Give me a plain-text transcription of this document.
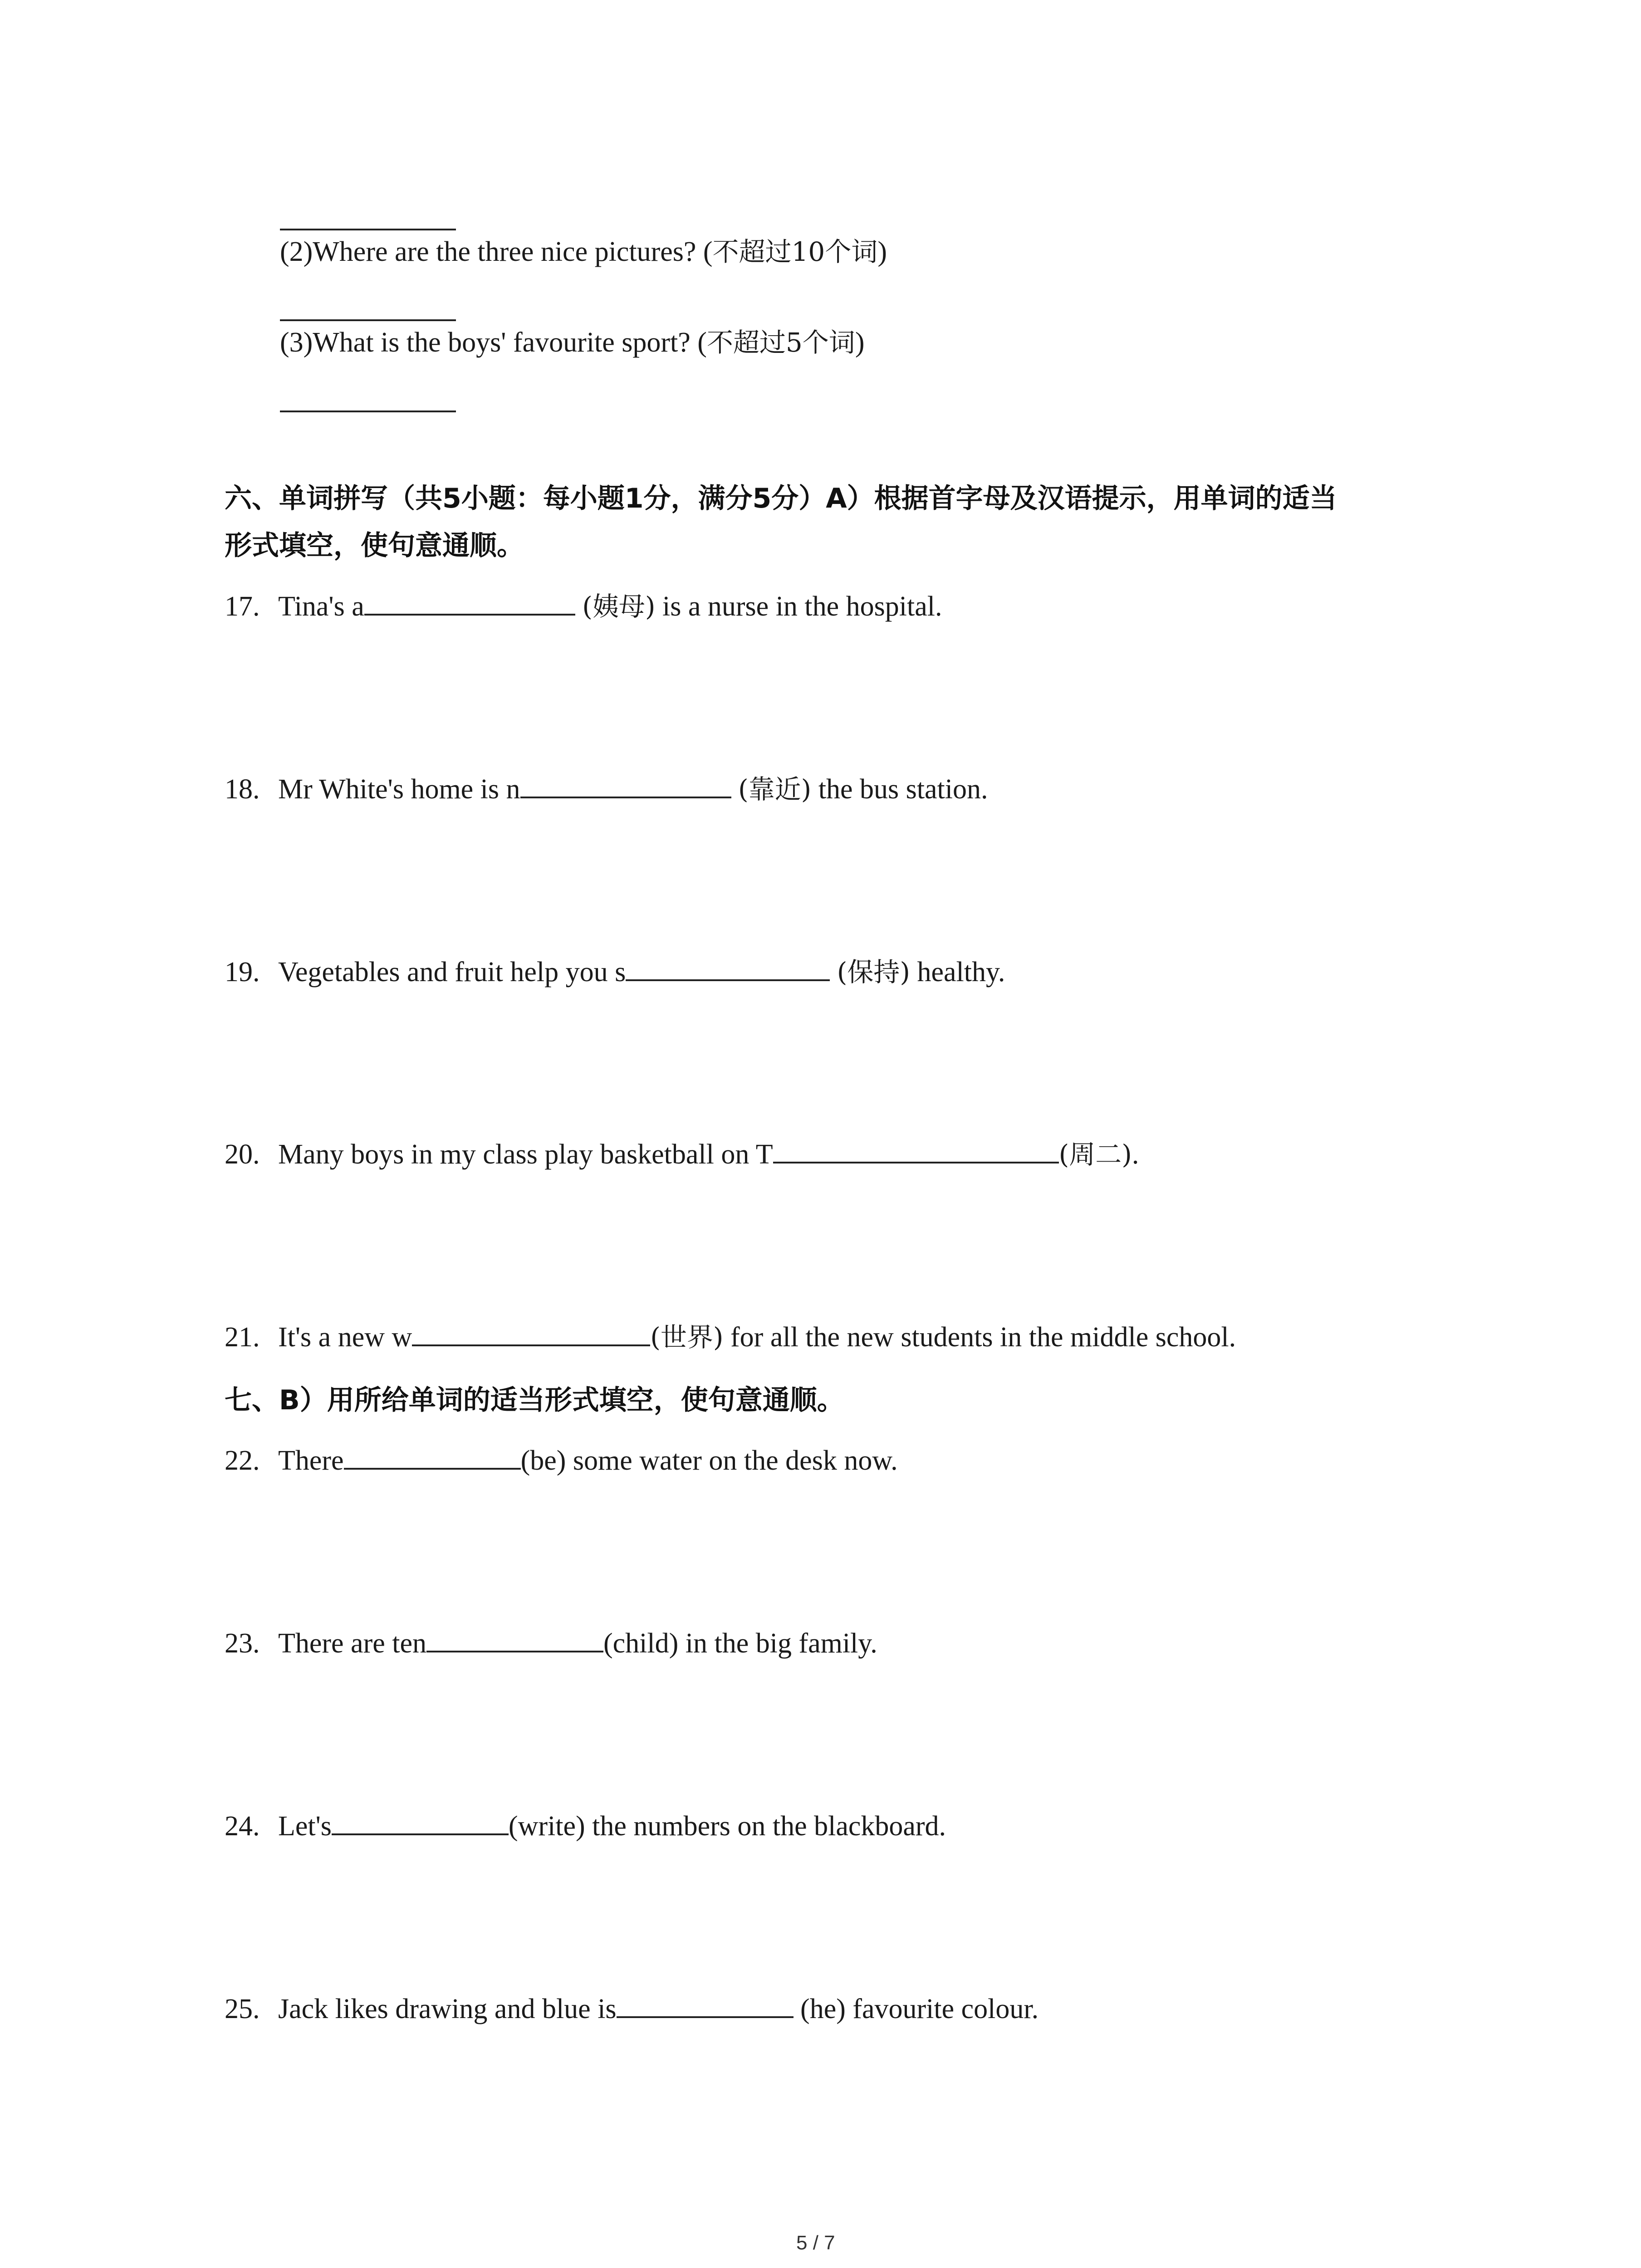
(2)Where are the three nice pictures? (不超过10个词)
(3)What is the boys' favourite sport? (不超过5个词)
六、单词拼写（共5小题：每小题1分，满分5分）A）根据首字母及汉语提示，用单词的适当
形式填空，使句意通顺。
17. Tina's a	(姨母) is a nurse in the hospital.
18. Mr White's home is n	(靠近) the bus station.
19. Vegetables and fruit help you s	(保持) healthy.
20. Many boys in my class play basketball on T	(周二).
21. It's a new w	(世界) for all the new students in the middle school.
七、B）用所给单词的适当形式填空，使句意通顺。
22. There	(be) some water on the desk now.
23. There are ten	(child) in the big family.
24. Let's	(write) the numbers on the blackboard.
25. Jack likes drawing and blue is	(he) favourite colour.
5 / 7
